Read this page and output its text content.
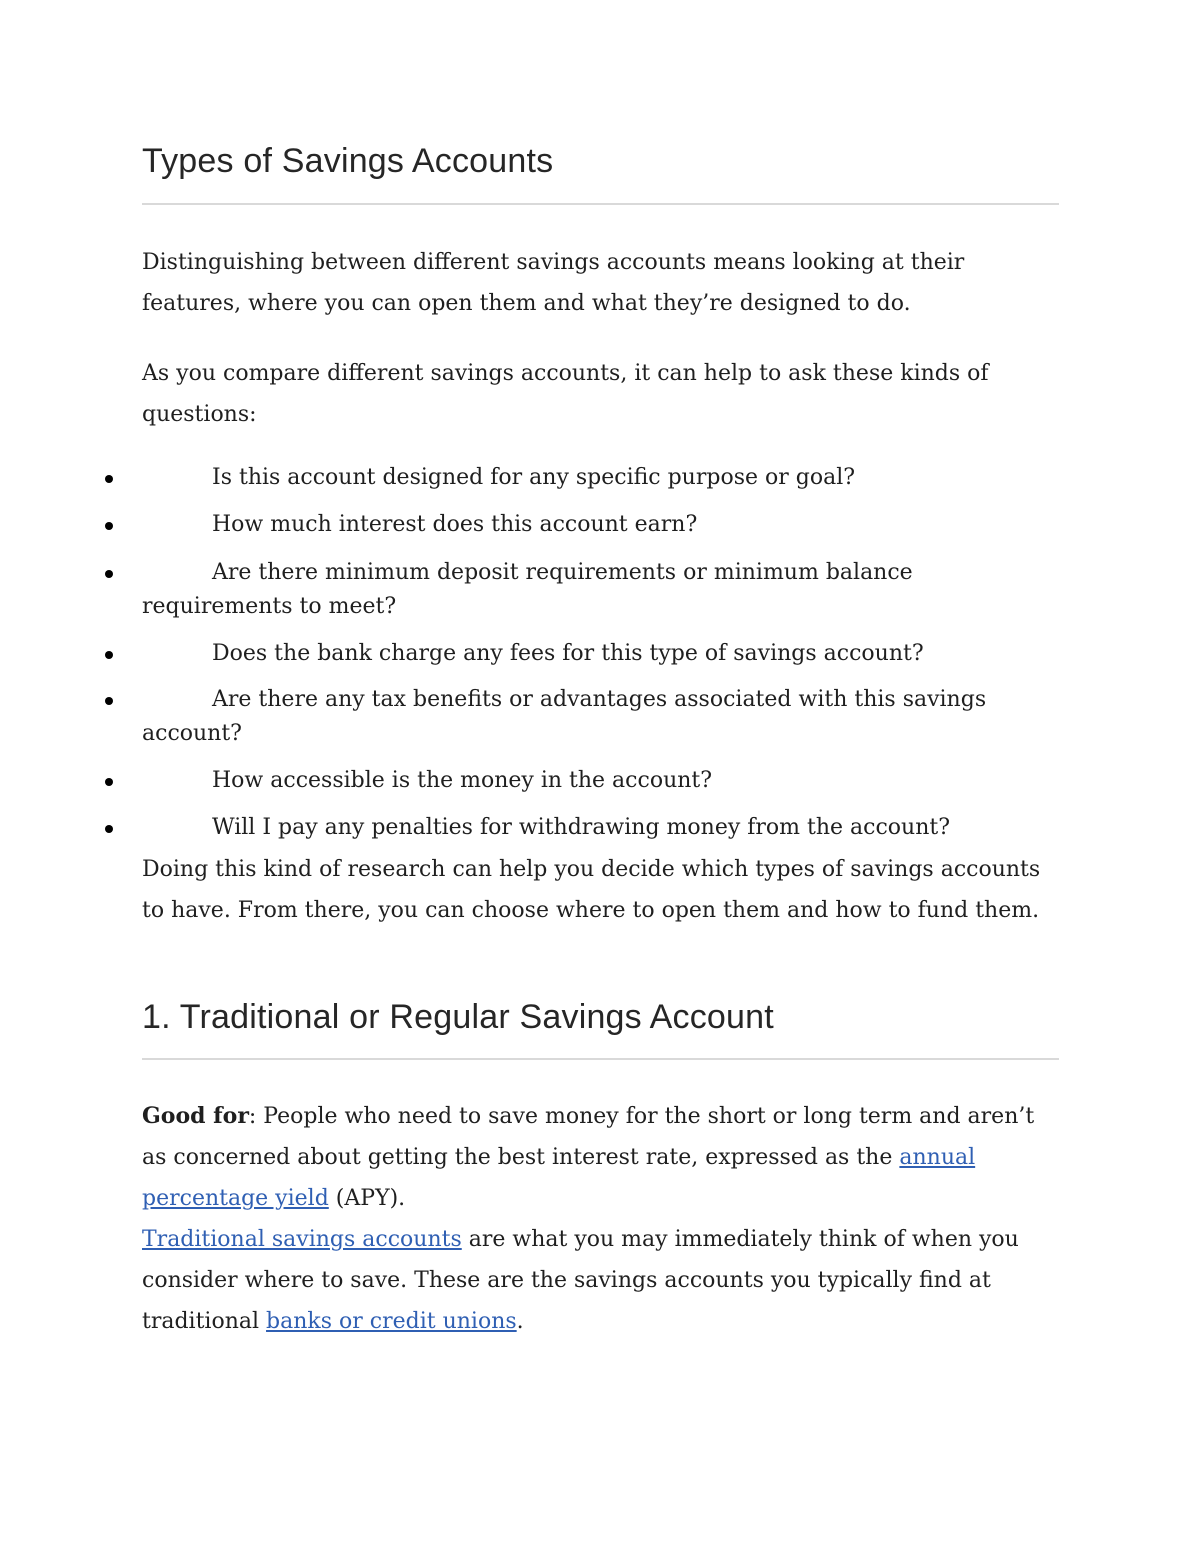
Types of Savings Accounts

Distinguishing between different savings accounts means looking at their features, where you can open them and what they’re designed to do.

As you compare different savings accounts, it can help to ask these kinds of questions:

Is this account designed for any specific purpose or goal?
How much interest does this account earn?
Are there minimum deposit requirements or minimum balance requirements to meet?
Does the bank charge any fees for this type of savings account?
Are there any tax benefits or advantages associated with this savings account?
How accessible is the money in the account?
Will I pay any penalties for withdrawing money from the account?

Doing this kind of research can help you decide which types of savings accounts to have. From there, you can choose where to open them and how to fund them.

1. Traditional or Regular Savings Account

Good for: People who need to save money for the short or long term and aren’t as concerned about getting the best interest rate, expressed as the annual percentage yield (APY).

Traditional savings accounts are what you may immediately think of when you consider where to save. These are the savings accounts you typically find at traditional banks or credit unions.
